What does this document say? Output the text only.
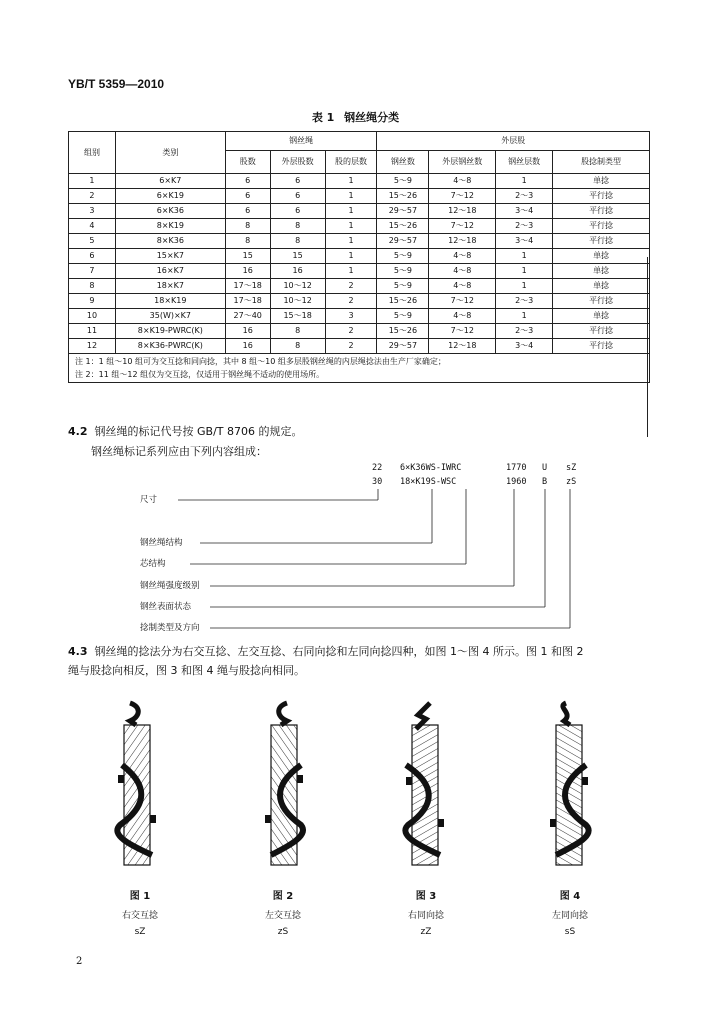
YB/T 5359—2010
表 1 钢丝绳分类
组别	类别	钢丝绳			外层股			
		股数	外层股数	股的层数	钢丝数	外层钢丝数	钢丝层数	股捻制类型
1	6×K7	6	6	1	5～9	4～8	1	单捻
2	6×K19	6	6	1	15～26	7～12	2～3	平行捻
3	6×K36	6	6	1	29～57	12～18	3～4	平行捻
4	8×K19	8	8	1	15～26	7～12	2～3	平行捻
5	8×K36	8	8	1	29～57	12～18	3～4	平行捻
6	15×K7	15	15	1	5～9	4～8	1	单捻
7	16×K7	16	16	1	5～9	4～8	1	单捻
8	18×K7	17～18	10～12	2	5～9	4～8	1	单捻
9	18×K19	17～18	10～12	2	15～26	7～12	2～3	平行捻
10	35(W)×K7	27～40	15～18	3	5～9	4～8	1	单捻
11	8×K19-PWRC(K)	16	8	2	15～26	7～12	2～3	平行捻
12	8×K36-PWRC(K)	16	8	2	29～57	12～18	3～4	平行捻

注 1：1 组～10 组可为交互捻和同向捻，其中 8 组～10 组多层股钢丝绳的内层绳捻法由生产厂家确定；
注 2：11 组～12 组仅为交互捻，仅适用于钢丝绳不适动的使用场所。								
4.2 钢丝绳的标记代号按 GB/T 8706 的规定。
钢丝绳标记系列应由下列内容组成：
22 6×K36WS-IWRC	1770 U sZ
30 18×K19S-WSC	1960 B zS
尺寸
钢丝绳结构
芯结构
钢丝绳强度级别
钢丝表面状态
捻制类型及方向
4.3 钢丝绳的捻法分为右交互捻、左交互捻、右同向捻和左同向捻四种，如图 1～图 4 所示。图 1 和图 2
绳与股捻向相反，图 3 和图 4 绳与股捻向相同。
图 1
右交互捻
sZ
图 2
左交互捻
zS
图 3
右同向捻
zZ
图 4
左同向捻
sS
2
